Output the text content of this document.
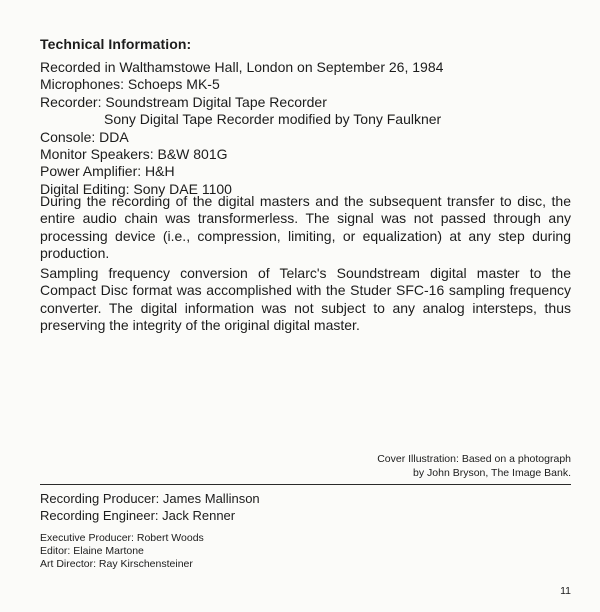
Technical Information:
Recorded in Walthamstowe Hall, London on September 26, 1984
Microphones: Schoeps MK-5
Recorder: Soundstream Digital Tape Recorder
Sony Digital Tape Recorder modified by Tony Faulkner
Console: DDA
Monitor Speakers: B&W 801G
Power Amplifier: H&H
Digital Editing: Sony DAE 1100
During the recording of the digital masters and the subsequent transfer to disc, the entire audio chain was transformerless. The signal was not passed through any processing device (i.e., compression, limiting, or equalization) at any step during production.
Sampling frequency conversion of Telarc's Soundstream digital master to the Compact Disc format was accomplished with the Studer SFC-16 sampling frequency converter. The digital information was not subject to any analog intersteps, thus preserving the integrity of the original digital master.
Cover Illustration: Based on a photograph
by John Bryson, The Image Bank.
Recording Producer: James Mallinson
Recording Engineer: Jack Renner
Executive Producer: Robert Woods
Editor: Elaine Martone
Art Director: Ray Kirschensteiner
11
